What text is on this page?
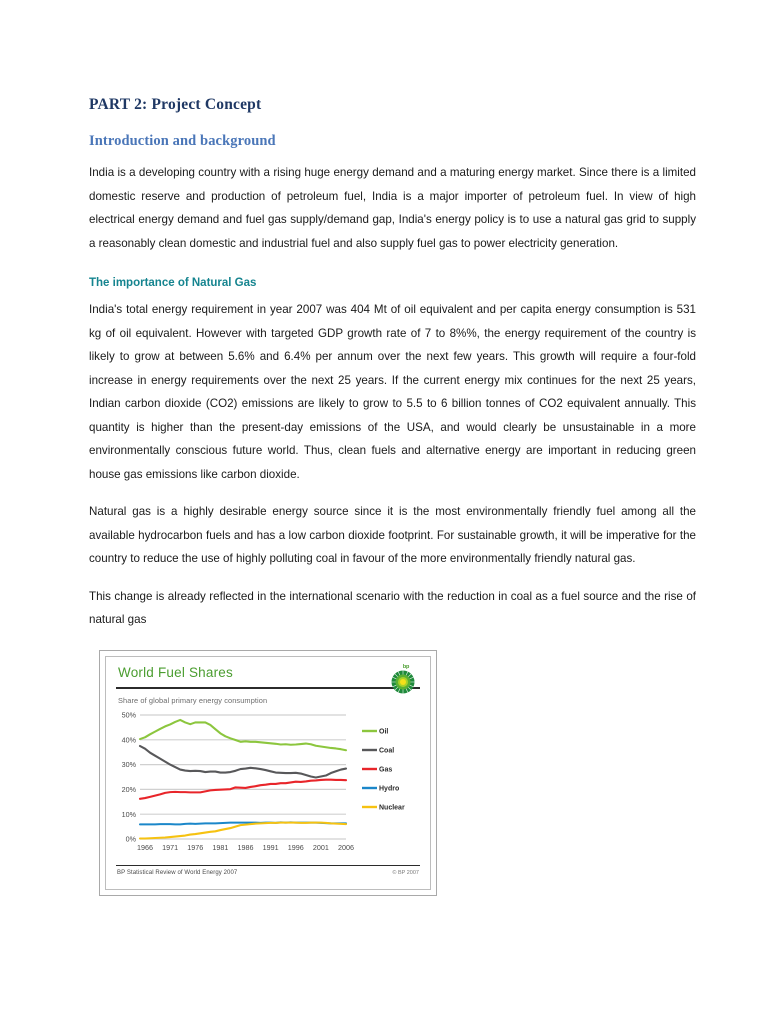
PART 2: Project Concept
Introduction and background

India is a developing country with a rising huge energy demand and a maturing energy market. Since there is a limited domestic reserve and production of petroleum fuel, India is a major importer of petroleum fuel. In view of high electrical energy demand and fuel gas supply/demand gap, India's energy policy is to use a natural gas grid to supply a reasonably clean domestic and industrial fuel and also supply fuel gas to power electricity generation.

The importance of Natural Gas

India's total energy requirement in year 2007 was 404 Mt of oil equivalent and per capita energy consumption is 531 kg of oil equivalent. However with targeted GDP growth rate of 7 to 8%%, the energy requirement of the country is likely to grow at between 5.6% and 6.4% per annum over the next few years. This growth will require a four-fold increase in energy requirements over the next 25 years. If the current energy mix continues for the next 25 years, Indian carbon dioxide (CO2) emissions are likely to grow to 5.5 to 6 billion tonnes of CO2 equivalent annually. This quantity is higher than the present-day emissions of the USA, and would clearly be unsustainable in a more environmentally conscious future world. Thus, clean fuels and alternative energy are important in reducing green house gas emissions like carbon dioxide.

Natural gas is a highly desirable energy source since it is the most environmentally friendly fuel among all the available hydrocarbon fuels and has a low carbon dioxide footprint. For sustainable growth, it will be imperative for the country to reduce the use of highly polluting coal in favour of the more environmentally friendly natural gas.

This change is already reflected in the international scenario with the reduction in coal as a fuel source and the rise of natural gas

World Fuel Shares	bp
Share of global primary energy consumption
0%
10%
20%
30%
40%
50%
1966 1971 1976 1981 1986 1991 1996 2001 2006
Oil
Coal
Gas
Hydro
Nuclear
BP Statistical Review of World Energy 2007	© BP 2007
